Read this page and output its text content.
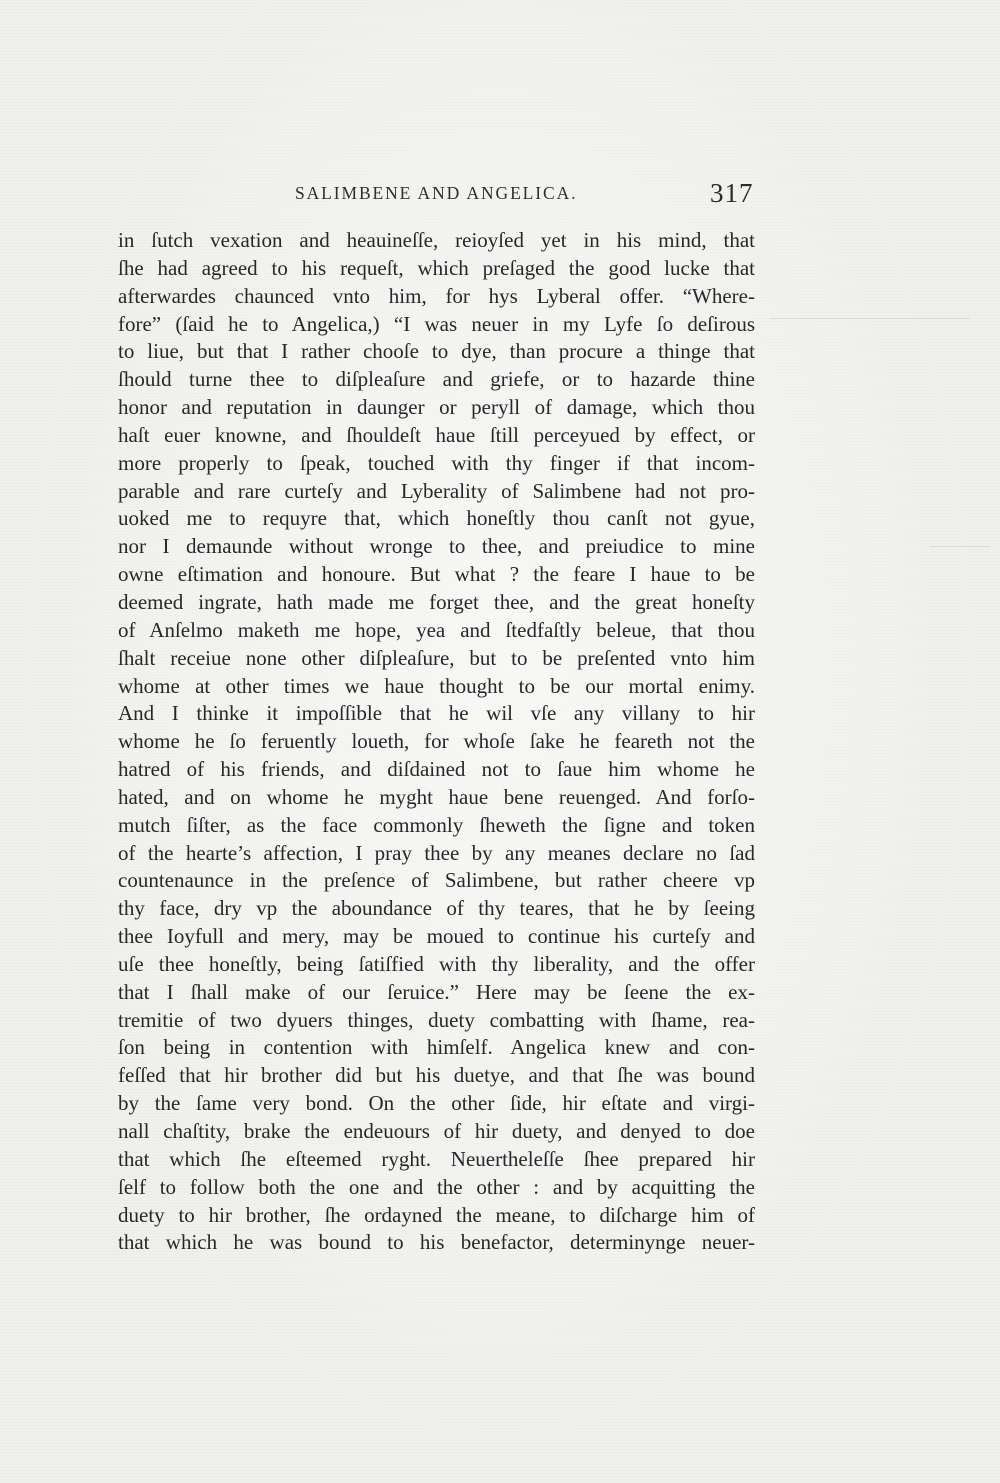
SALIMBENE AND ANGELICA.	317
in ſutch vexation and heauineſſe, reioyſed yet in his mind, that
ſhe had agreed to his requeſt, which preſaged the good lucke that
afterwardes chaunced vnto him, for hys Lyberal offer. “Where-
fore” (ſaid he to Angelica,) “I was neuer in my Lyfe ſo deſirous
to liue, but that I rather chooſe to dye, than procure a thinge that
ſhould turne thee to diſpleaſure and griefe, or to hazarde thine
honor and reputation in daunger or peryll of damage, which thou
haſt euer knowne, and ſhouldeſt haue ſtill perceyued by effect, or
more properly to ſpeak, touched with thy finger if that incom-
parable and rare curteſy and Lyberality of Salimbene had not pro-
uoked me to requyre that, which honeſtly thou canſt not gyue,
nor I demaunde without wronge to thee, and preiudice to mine
owne eſtimation and honoure. But what ? the feare I haue to be
deemed ingrate, hath made me forget thee, and the great honeſty
of Anſelmo maketh me hope, yea and ſtedfaſtly beleue, that thou
ſhalt receiue none other diſpleaſure, but to be preſented vnto him
whome at other times we haue thought to be our mortal enimy.
And I thinke it impoſſible that he wil vſe any villany to hir
whome he ſo feruently loueth, for whoſe ſake he feareth not the
hatred of his friends, and diſdained not to ſaue him whome he
hated, and on whome he myght haue bene reuenged. And forſo-
mutch ſiſter, as the face commonly ſheweth the ſigne and token
of the hearte’s affection, I pray thee by any meanes declare no ſad
countenaunce in the preſence of Salimbene, but rather cheere vp
thy face, dry vp the aboundance of thy teares, that he by ſeeing
thee Ioyfull and mery, may be moued to continue his curteſy and
uſe thee honeſtly, being ſatiſfied with thy liberality, and the offer
that I ſhall make of our ſeruice.” Here may be ſeene the ex-
tremitie of two dyuers thinges, duety combatting with ſhame, rea-
ſon being in contention with himſelf. Angelica knew and con-
feſſed that hir brother did but his duetye, and that ſhe was bound
by the ſame very bond. On the other ſide, hir eſtate and virgi-
nall chaſtity, brake the endeuours of hir duety, and denyed to doe
that which ſhe eſteemed ryght. Neuertheleſſe ſhee prepared hir
ſelf to follow both the one and the other : and by acquitting the
duety to hir brother, ſhe ordayned the meane, to diſcharge him of
that which he was bound to his benefactor, determinynge neuer-
